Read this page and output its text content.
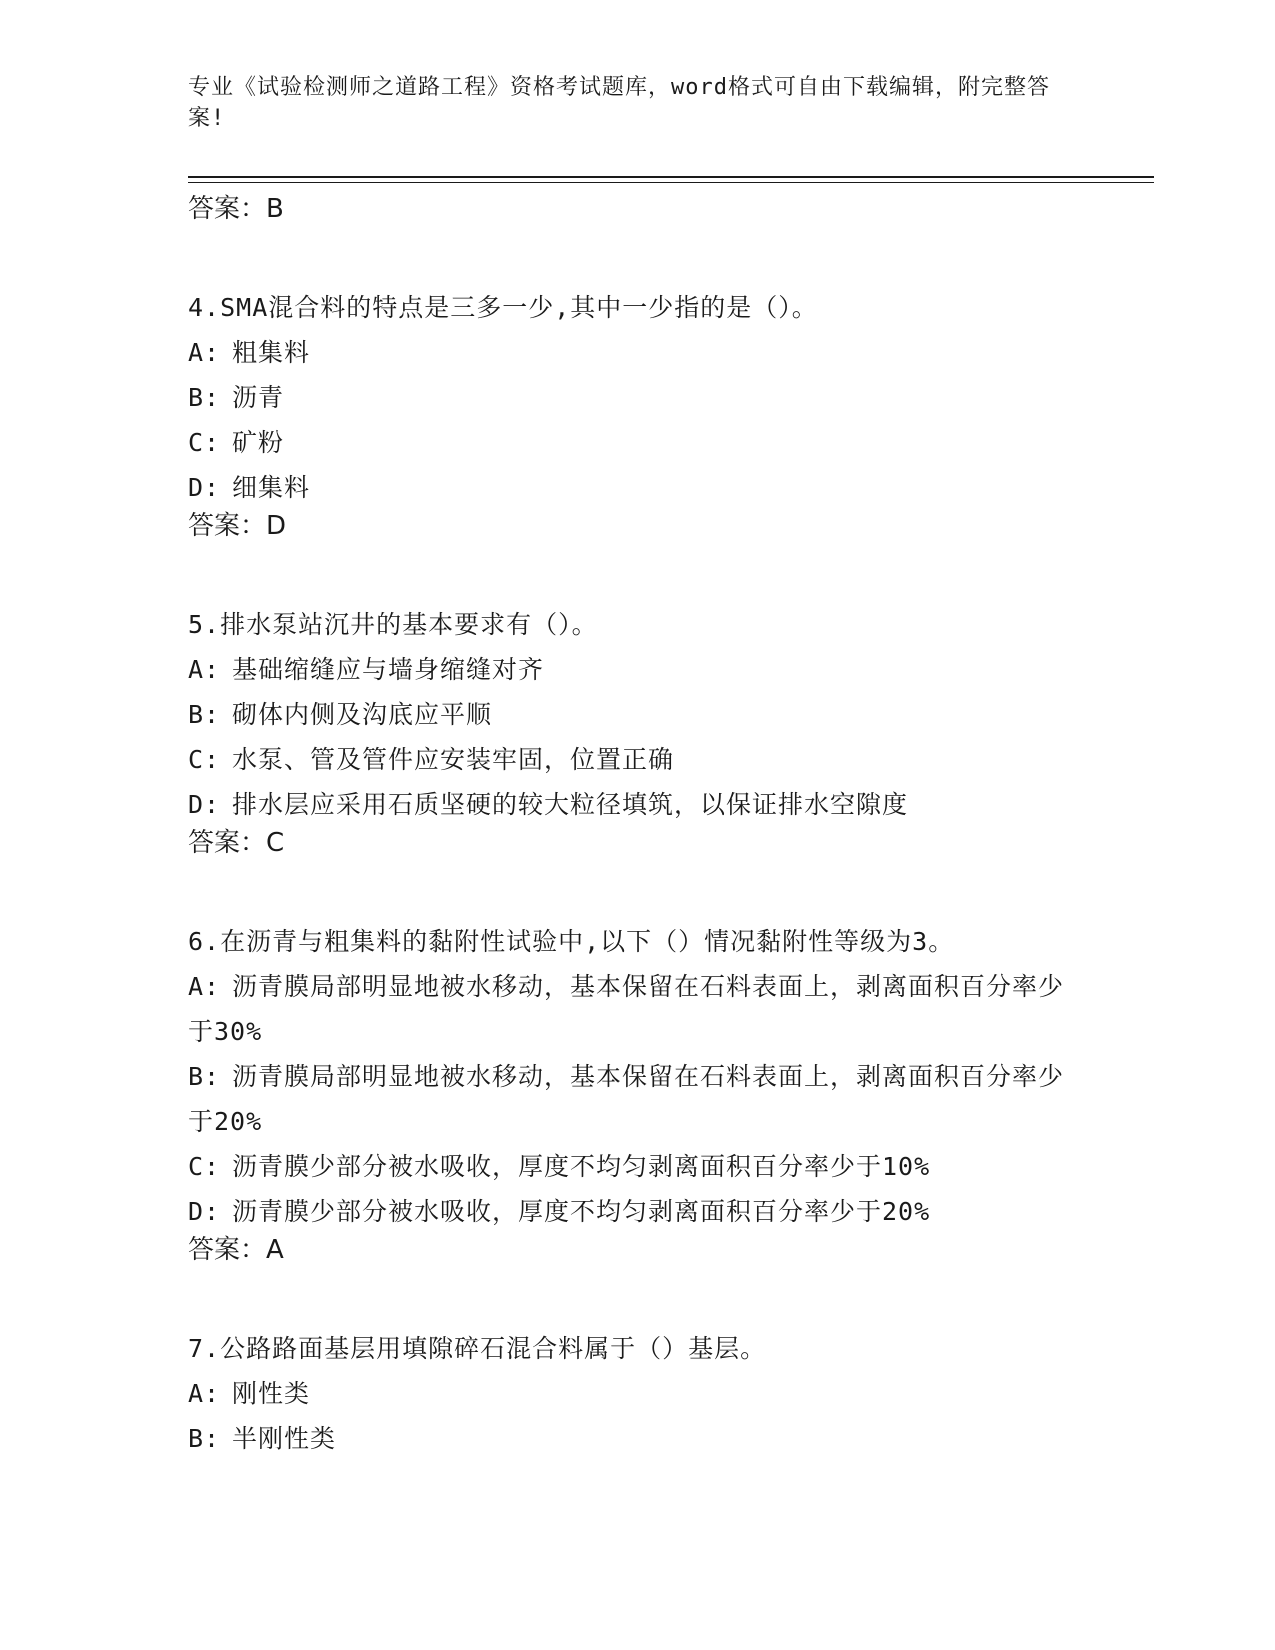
专业《试验检测师之道路工程》资格考试题库，word格式可自由下载编辑，附完整答案!

答案：B

4.SMA混合料的特点是三多一少,其中一少指的是（）。

A: 粗集料

B: 沥青

C: 矿粉

D: 细集料

答案：D

5.排水泵站沉井的基本要求有（）。

A: 基础缩缝应与墙身缩缝对齐

B: 砌体内侧及沟底应平顺

C: 水泵、管及管件应安装牢固，位置正确

D: 排水层应采用石质坚硬的较大粒径填筑，以保证排水空隙度

答案：C

6.在沥青与粗集料的黏附性试验中,以下（）情况黏附性等级为3。

A: 沥青膜局部明显地被水移动，基本保留在石料表面上，剥离面积百分率少于30%

B: 沥青膜局部明显地被水移动，基本保留在石料表面上，剥离面积百分率少于20%

C: 沥青膜少部分被水吸收，厚度不均匀剥离面积百分率少于10%

D: 沥青膜少部分被水吸收，厚度不均匀剥离面积百分率少于20%

答案：A

7.公路路面基层用填隙碎石混合料属于（）基层。

A: 刚性类

B: 半刚性类
